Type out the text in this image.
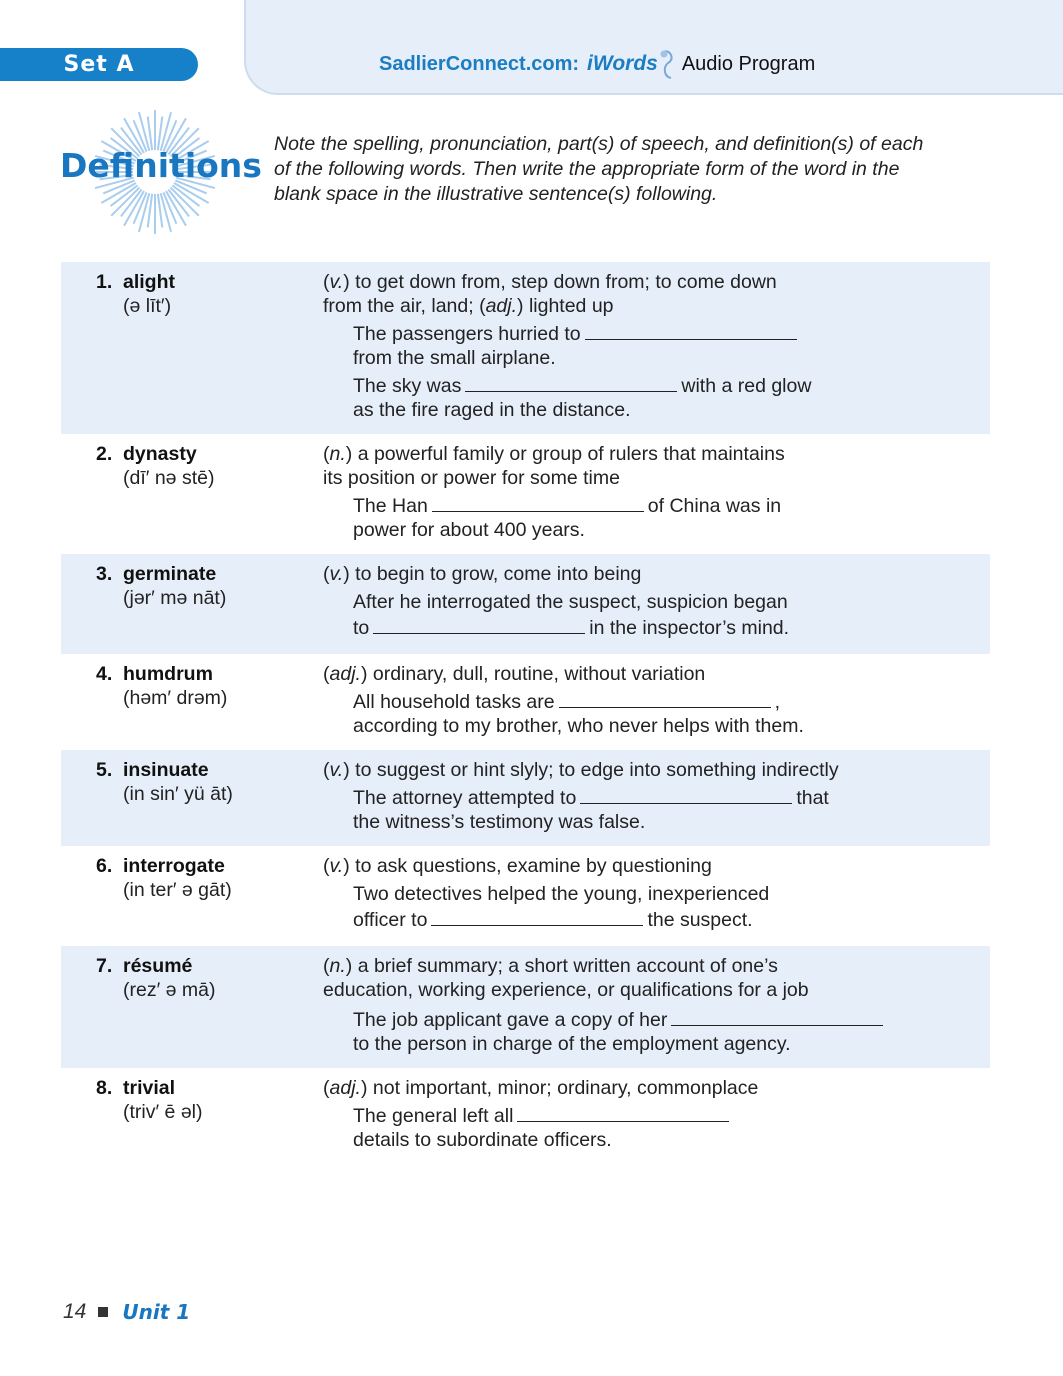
Set A	SadlierConnect.com: iWords Audio Program
Definitions
Note the spelling, pronunciation, part(s) of speech, and definition(s) of each of the following words. Then write the appropriate form of the word in the blank space in the illustrative sentence(s) following.
1. alight
(ə līt′)
(v.) to get down from, step down from; to come down
from the air, land; (adj.) lighted up
The passengers hurried to
from the small airplane.
The sky was	with a red glow
as the fire raged in the distance.
2. dynasty
(dī′ nə stē)
(n.) a powerful family or group of rulers that maintains
its position or power for some time
The Han	of China was in
power for about 400 years.
3. germinate
(jər′ mə nāt)
(v.) to begin to grow, come into being
After he interrogated the suspect, suspicion began
to	in the inspector’s mind.
4. humdrum
(həm′ drəm)
(adj.) ordinary, dull, routine, without variation
All household tasks are	,
according to my brother, who never helps with them.
5. insinuate
(in sin′ yü āt)
(v.) to suggest or hint slyly; to edge into something indirectly
The attorney attempted to	that
the witness’s testimony was false.
6. interrogate
(in ter′ ə gāt)
(v.) to ask questions, examine by questioning
Two detectives helped the young, inexperienced
officer to	the suspect.
7. résumé
(rez′ ə mā)
(n.) a brief summary; a short written account of one’s
education, working experience, or qualifications for a job
The job applicant gave a copy of her
to the person in charge of the employment agency.
8. trivial
(triv′ ē əl)
(adj.) not important, minor; ordinary, commonplace
The general left all
details to subordinate officers.
14 Unit 1
